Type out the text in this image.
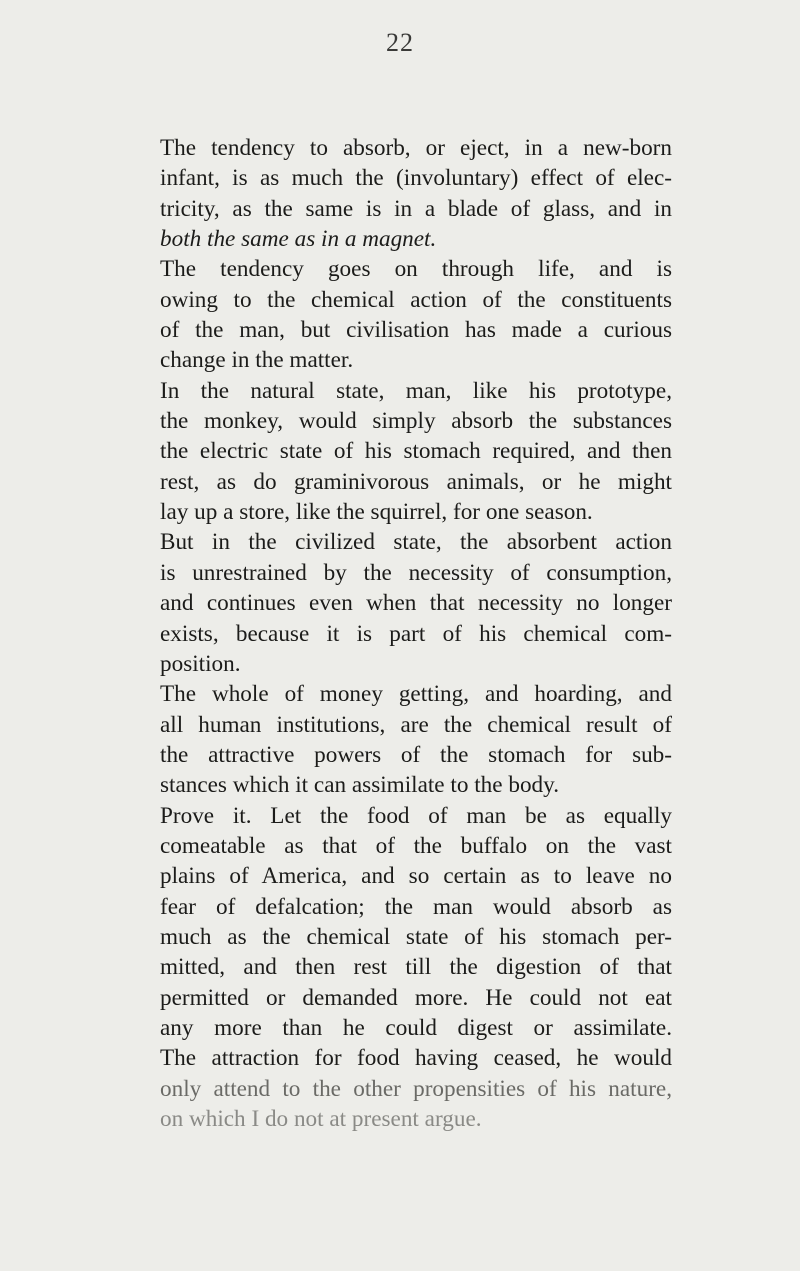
22
The tendency to absorb, or eject, in a new-born
infant, is as much the (involuntary) effect of elec-
tricity, as the same is in a blade of glass, and in
both the same as in a magnet.
The tendency goes on through life, and is
owing to the chemical action of the constituents
of the man, but civilisation has made a curious
change in the matter.
In the natural state, man, like his prototype,
the monkey, would simply absorb the substances
the electric state of his stomach required, and then
rest, as do graminivorous animals, or he might
lay up a store, like the squirrel, for one season.
But in the civilized state, the absorbent action
is unrestrained by the necessity of consumption,
and continues even when that necessity no longer
exists, because it is part of his chemical com-
position.
The whole of money getting, and hoarding, and
all human institutions, are the chemical result of
the attractive powers of the stomach for sub-
stances which it can assimilate to the body.
Prove it. Let the food of man be as equally
comeatable as that of the buffalo on the vast
plains of America, and so certain as to leave no
fear of defalcation; the man would absorb as
much as the chemical state of his stomach per-
mitted, and then rest till the digestion of that
permitted or demanded more. He could not eat
any more than he could digest or assimilate.
The attraction for food having ceased, he would
only attend to the other propensities of his nature,
on which I do not at present argue.
